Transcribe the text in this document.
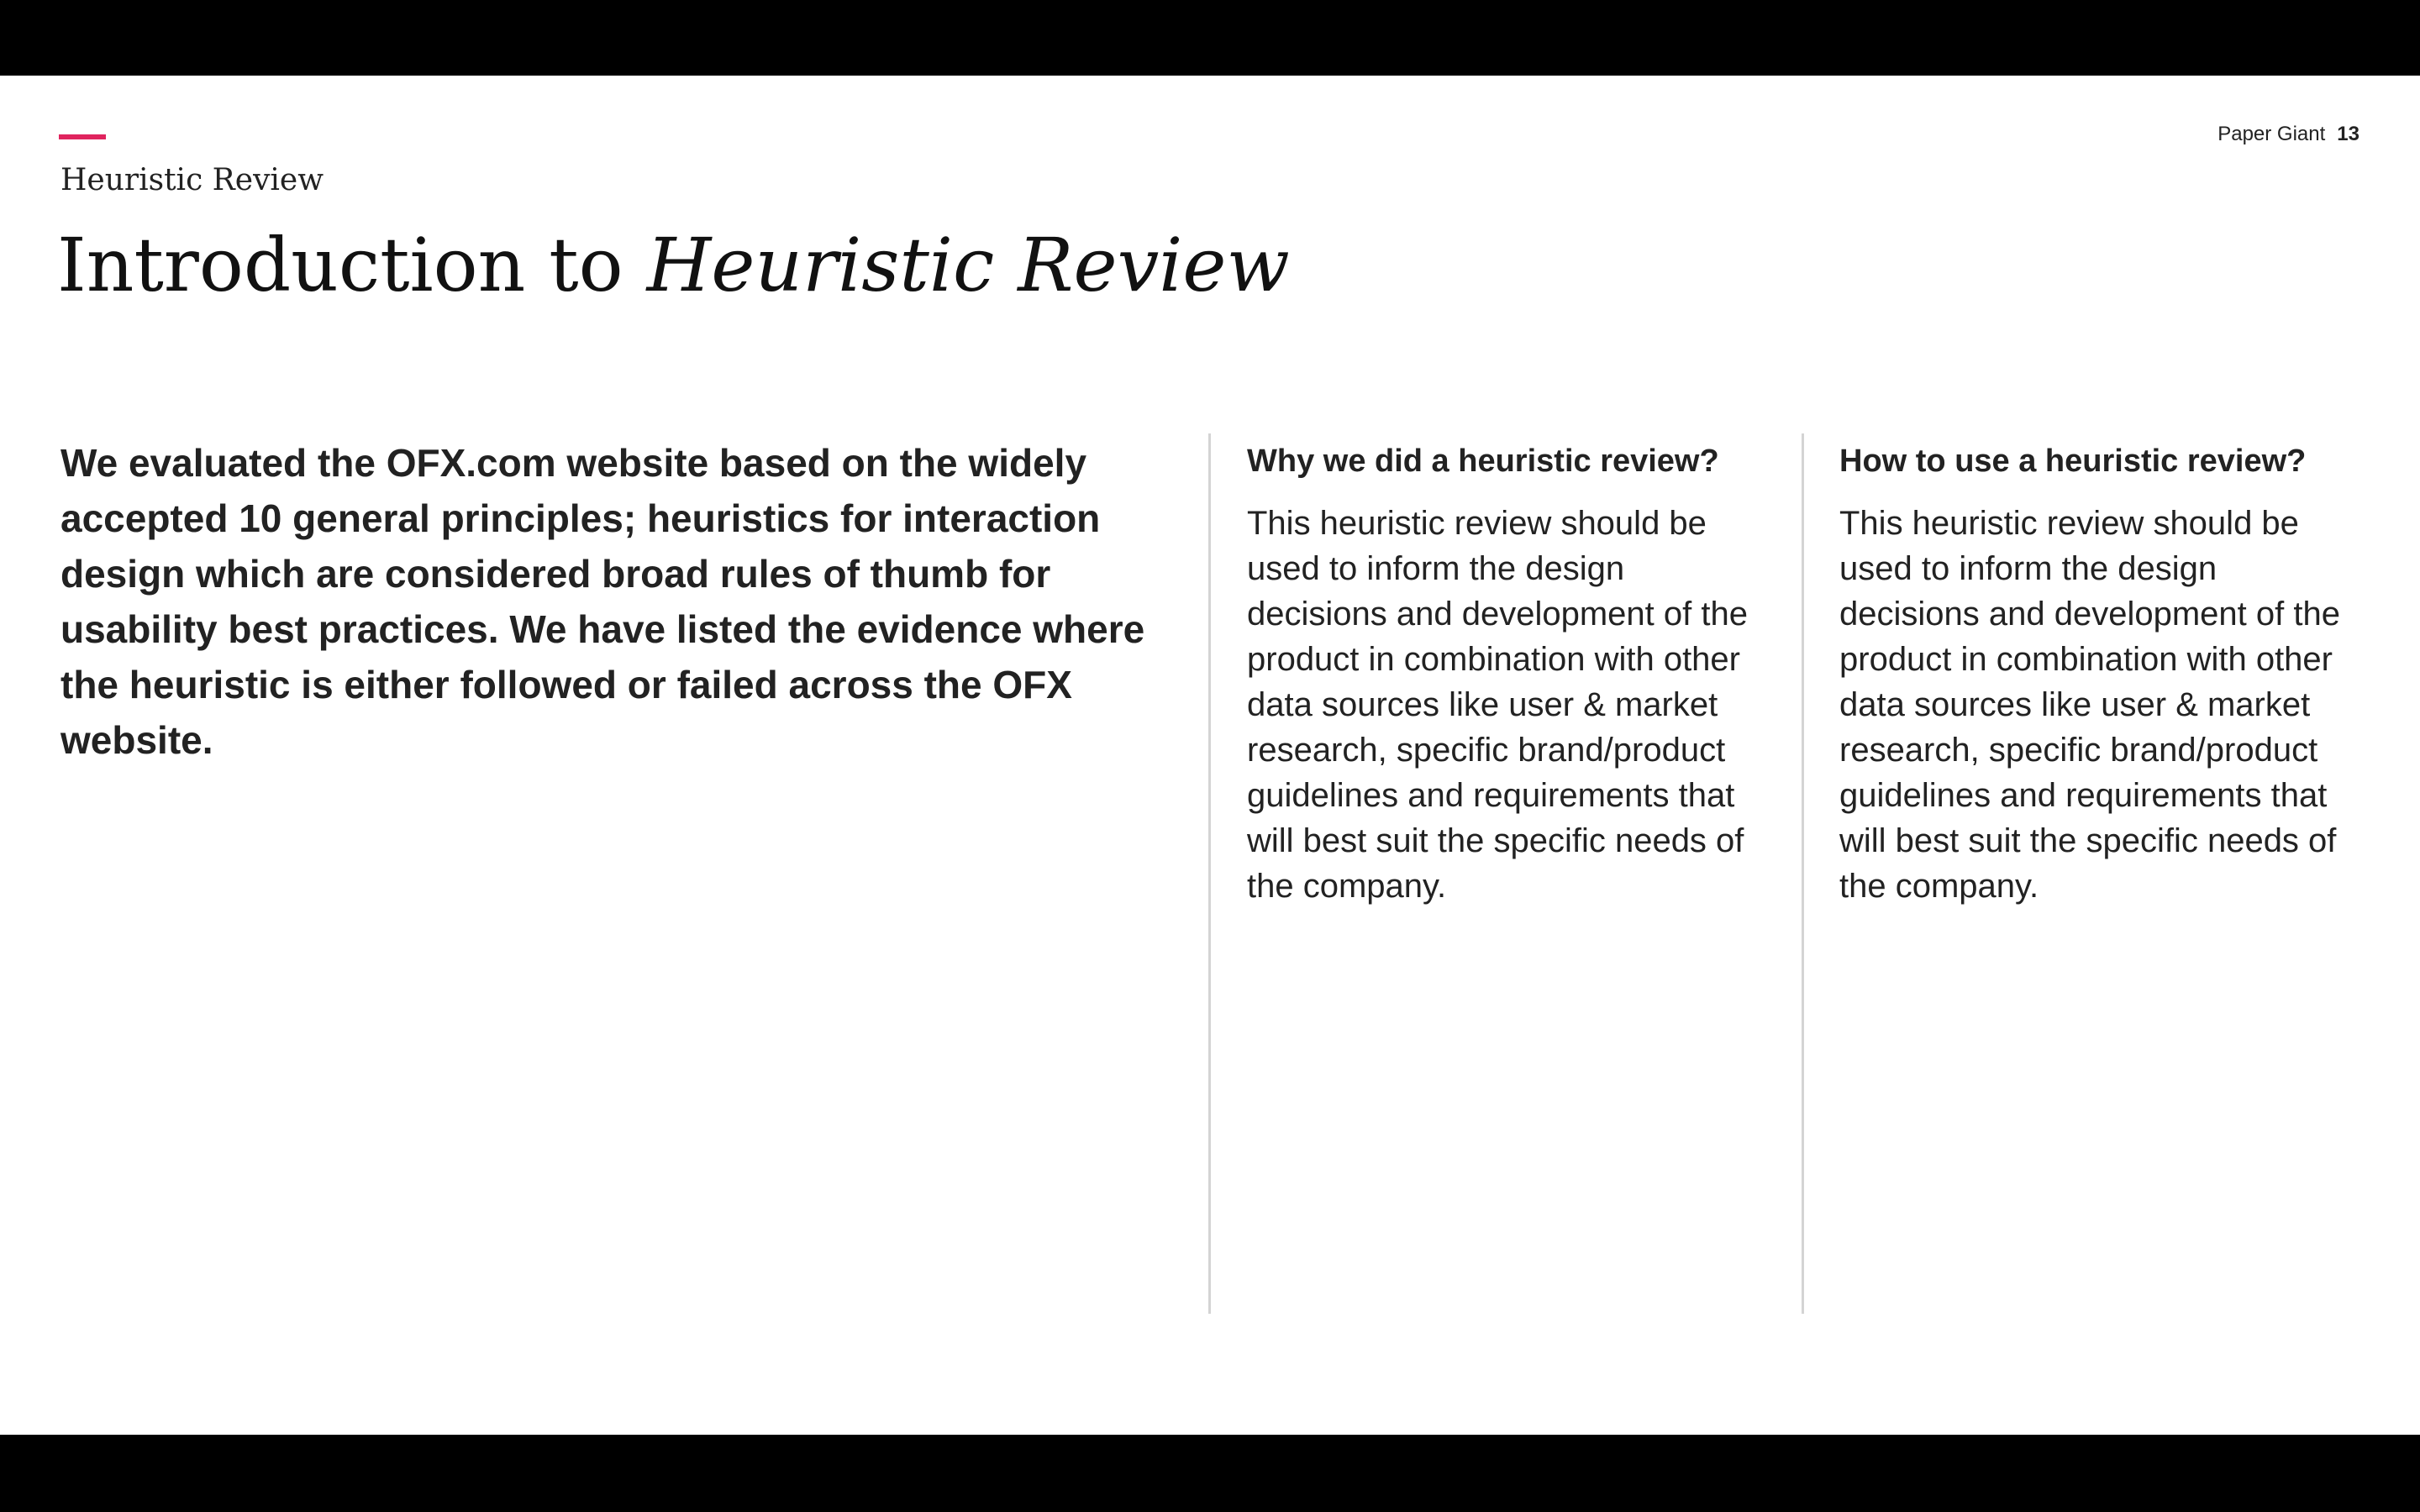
Heuristic Review
Paper Giant 13
Introduction to Heuristic Review

We evaluated the OFX.com website based on the widely accepted 10 general principles; heuristics for interaction design which are considered broad rules of thumb for usability best practices. We have listed the evidence where the heuristic is either followed or failed across the OFX website.

Why we did a heuristic review?

This heuristic review should be used to inform the design decisions and development of the product in combination with other data sources like user & market research, specific brand/product guidelines and requirements that will best suit the specific needs of the company.

How to use a heuristic review?

This heuristic review should be used to inform the design decisions and development of the product in combination with other data sources like user & market research, specific brand/product guidelines and requirements that will best suit the specific needs of the company.
